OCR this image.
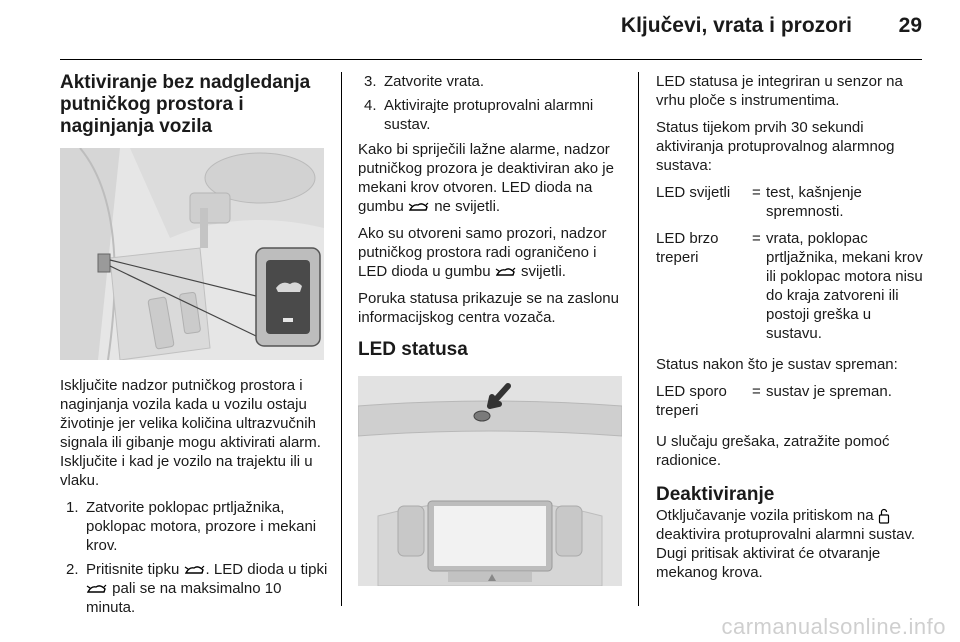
Ključevi, vrata i prozori 29
Aktiviranje bez nadgledanja putničkog prostora i naginjanja vozila

Isključite nadzor putničkog prostora i naginjanja vozila kada u vozilu ostaju životinje jer velika količina ultrazvučnih signala ili gibanje mogu aktivirati alarm. Isključite i kad je vozilo na trajektu ili u vlaku.

1. Zatvorite poklopac prtljažnika, poklopac motora, prozore i mekani krov.
2. Pritisnite tipku . LED dioda u tipki  pali se na maksimalno 10 minuta.
3. Zatvorite vrata.
4. Aktivirajte protuprovalni alarmni sustav.

Kako bi spriječili lažne alarme, nadzor putničkog prozora je deaktiviran ako je mekani krov otvoren. LED dioda na gumbu ne svijetli.

Ako su otvoreni samo prozori, nadzor putničkog prostora radi ograničeno i LED dioda u gumbu svijetli.

Poruka statusa prikazuje se na zaslonu informacijskog centra vozača.

LED statusa

LED statusa je integriran u senzor na vrhu ploče s instrumentima.

Status tijekom prvih 30 sekundi aktiviranja protuprovalnog alarmnog sustava:

LED svijetli	= test, kašnjenje spremnosti.
LED brzo treperi
= vrata, poklopac prtljažnika, mekani krov ili poklopac motora nisu do kraja zatvoreni ili postoji greška u sustavu.

Status nakon što je sustav spreman:

LED sporo treperi
= sustav je spreman.

U slučaju grešaka, zatražite pomoć radionice.

Deaktiviranje

Otključavanje vozila pritiskom na  deaktivira protuprovalni alarmni sustav. Dugi pritisak aktivirat će otvaranje mekanog krova.

carmanualsonline.info
